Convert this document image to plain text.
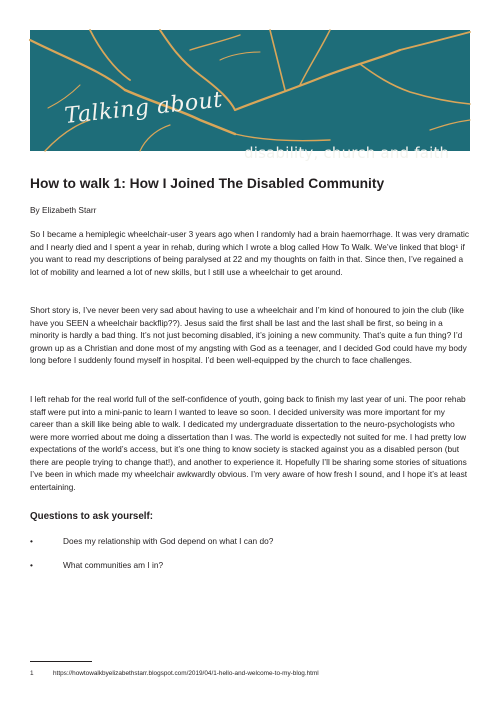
Talking about
disability, church and faith
How to walk 1: How I Joined The Disabled Community
By Elizabeth Starr

So I became a hemiplegic wheelchair-user 3 years ago when I randomly had a brain haemorrhage. It was very dramatic and I nearly died and I spent a year in rehab, during which I wrote a blog called How To Walk. We’ve linked that blog¹ if you want to read my descriptions of being paralysed at 22 and my thoughts on faith in that. Since then, I’ve regained a lot of mobility and learned a lot of new skills, but I still use a wheelchair to get around.

Short story is, I’ve never been very sad about having to use a wheelchair and I’m kind of honoured to join the club (like have you SEEN a wheelchair backflip??). Jesus said the first shall be last and the last shall be first, so being in a minority is hardly a bad thing. It’s not just becoming disabled, it’s joining a new community. That’s quite a fun thing? I’d grown up as a Christian and done most of my angsting with God as a teenager, and I decided God could have my body long before I suddenly found myself in hospital. I’d been well-equipped by the church to face challenges.

I left rehab for the real world full of the self-confidence of youth, going back to finish my last year of uni. The poor rehab staff were put into a mini-panic to learn I wanted to leave so soon. I decided university was more important for my career than a skill like being able to walk. I dedicated my undergraduate dissertation to the neuro-psychologists who were more worried about me doing a dissertation than I was. The world is expectedly not suited for me. I had pretty low expectations of the world’s access, but it’s one thing to know society is stacked against you as a disabled person (but there are people trying to change that!), and another to experience it. Hopefully I’ll be sharing some stories of situations I’ve been in which made my wheelchair awkwardly obvious. I’m very aware of how fresh I sound, and I hope it’s at least entertaining.

Questions to ask yourself:
•	Does my relationship with God depend on what I can do?
•	What communities am I in?
1	https://howtowalkbyelizabethstarr.blogspot.com/2019/04/1-hello-and-welcome-to-my-blog.html
